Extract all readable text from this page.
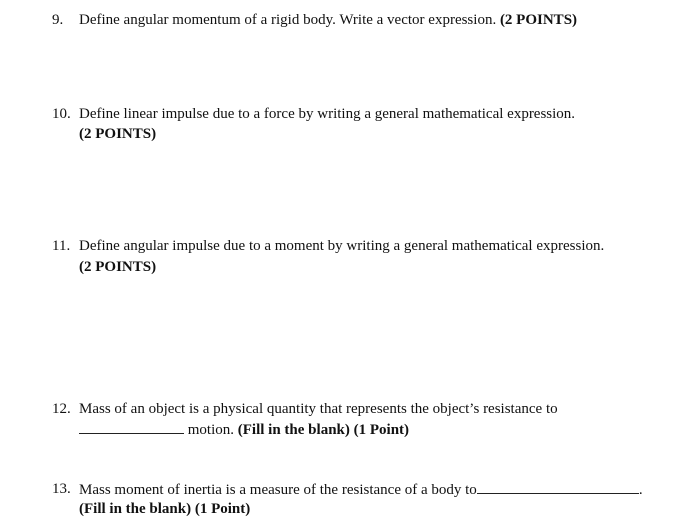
9. Define angular momentum of a rigid body. Write a vector expression. (2 POINTS)
10. Define linear impulse due to a force by writing a general mathematical expression.
(2 POINTS)
11. Define angular impulse due to a moment by writing a general mathematical expression.
(2 POINTS)
12. Mass of an object is a physical quantity that represents the object’s resistance to
motion. (Fill in the blank) (1 Point)
13. Mass moment of inertia is a measure of the resistance of a body to	.
(Fill in the blank) (1 Point)
